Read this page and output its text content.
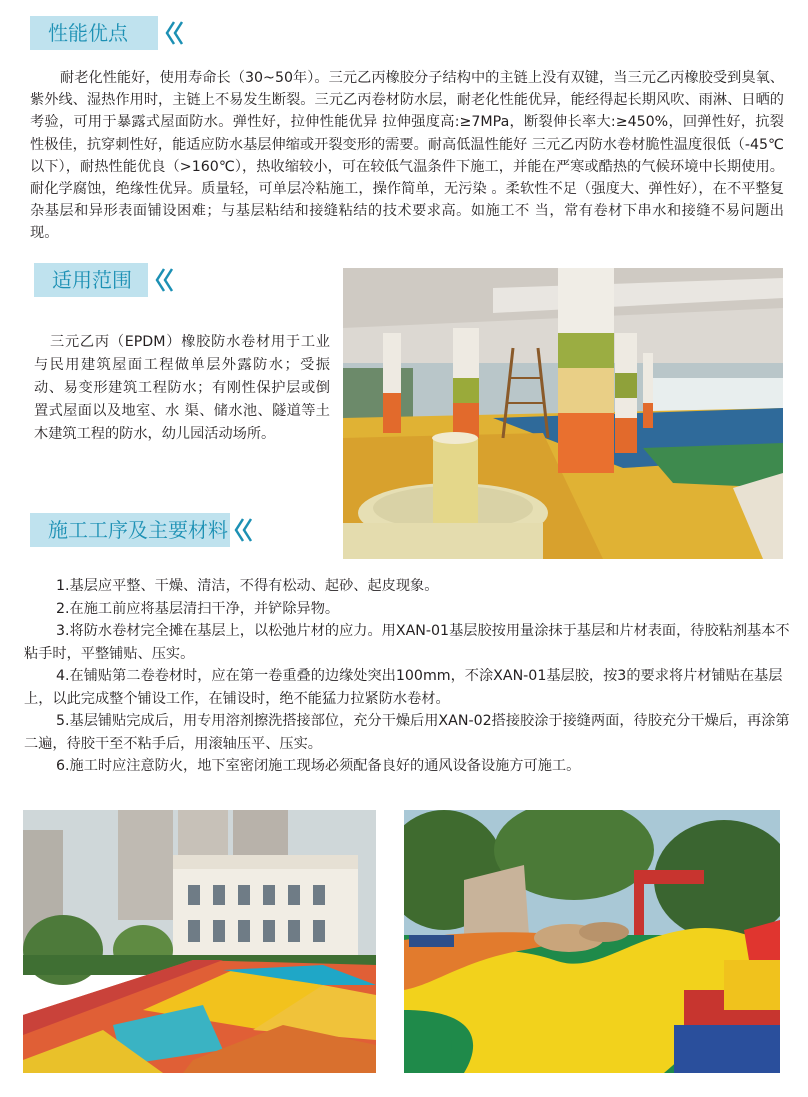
性能优点

耐老化性能好，使用寿命长（30~50年）。三元乙丙橡胶分子结构中的主链上没有双键，当三元乙丙橡胶受到臭氧、紫外线、湿热作用时，主链上不易发生断裂。三元乙丙卷材防水层，耐老化性能优异，能经得起长期风吹、雨淋、日晒的考验，可用于暴露式屋面防水。弹性好，拉伸性能优异 拉伸强度高:≥7MPa，断裂伸长率大:≥450%，回弹性好，抗裂性极佳，抗穿刺性好，能适应防水基层伸缩或开裂变形的需要。耐高低温性能好 三元乙丙防水卷材脆性温度很低（-45℃以下），耐热性能优良（>160℃），热收缩较小，可在较低气温条件下施工，并能在严寒或酷热的气候环境中长期使用。耐化学腐蚀，绝缘性优异。质量轻，可单层冷粘施工，操作简单，无污染 。柔软性不足（强度大、弹性好），在不平整复杂基层和异形表面铺设困难；与基层粘结和接缝粘结的技术要求高。如施工不 当，常有卷材下串水和接缝不易问题出现。

适用范围

三元乙丙（EPDM）橡胶防水卷材用于工业与民用建筑屋面工程做单层外露防水；受振动、易变形建筑工程防水；有刚性保护层或倒置式屋面以及地室、水 渠、储水池、隧道等土木建筑工程的防水，幼儿园活动场所。

施工工序及主要材料
1.基层应平整、干燥、清洁，不得有松动、起砂、起皮现象。
2.在施工前应将基层清扫干净，并铲除异物。
3.将防水卷材完全摊在基层上，以松弛片材的应力。用XAN-01基层胶按用量涂抹于基层和片材表面，待胶粘剂基本不粘手时，平整铺贴、压实。
4.在铺贴第二卷卷材时，应在第一卷重叠的边缘处突出100mm，不涂XAN-01基层胶，按3的要求将片材铺贴在基层上，以此完成整个铺设工作，在铺设时，绝不能猛力拉紧防水卷材。
5.基层铺贴完成后，用专用溶剂擦洗搭接部位，充分干燥后用XAN-02搭接胶涂于接缝两面，待胶充分干燥后，再涂第二遍，待胶干至不粘手后，用滚轴压平、压实。
6.施工时应注意防火，地下室密闭施工现场必须配备良好的通风设备设施方可施工。
